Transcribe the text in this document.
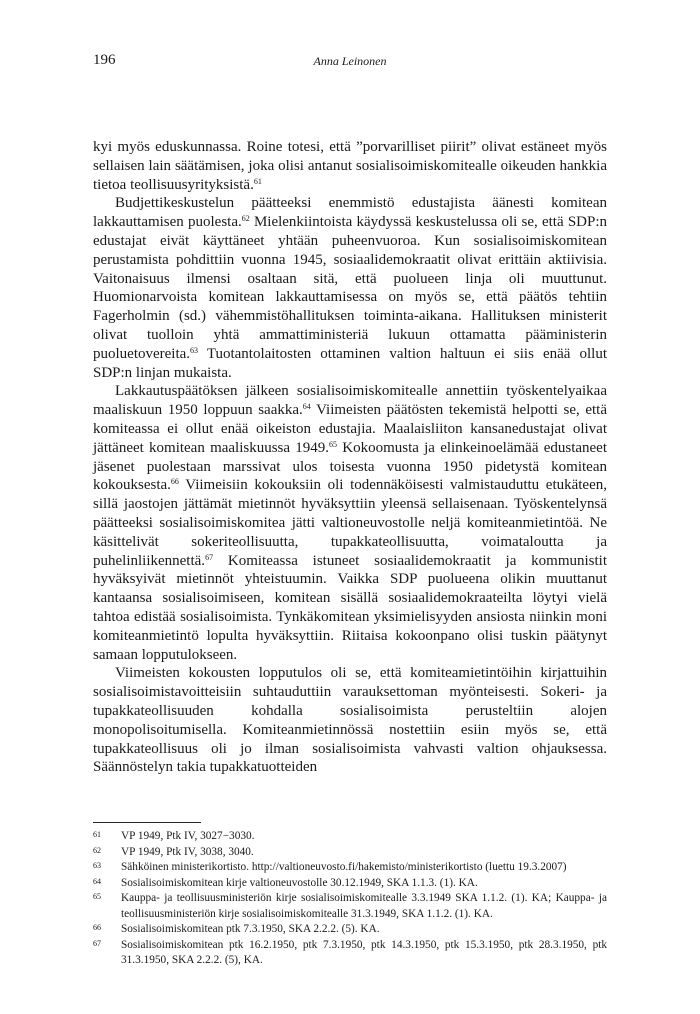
196	Anna Leinonen

kyi myös eduskunnassa. Roine totesi, että ”porvarilliset piirit” olivat estäneet myös sellaisen lain säätämisen, joka olisi antanut sosialisoimiskomitealle oikeuden hankkia tietoa teollisuusyrityksistä.$^{61}$

Budjettikeskustelun päätteeksi enemmistö edustajista äänesti komitean lakkauttamisen puolesta.$^{62}$ Mielenkiintoista käydyssä keskustelussa oli se, että SDP:n edustajat eivät käyttäneet yhtään puheenvuoroa. Kun sosialisoimiskomitean perustamista pohdittiin vuonna 1945, sosiaalidemokraatit olivat erittäin aktiivisia. Vaitonaisuus ilmensi osaltaan sitä, että puolueen linja oli muuttunut. Huomionarvoista komitean lakkauttamisessa on myös se, että päätös tehtiin Fagerholmin (sd.) vähemmistöhallituksen toiminta-aikana. Hallituksen ministerit olivat tuolloin yhtä ammattiministeriä lukuun ottamatta pääministerin puoluetovereita.$^{63}$ Tuotantolaitosten ottaminen valtion haltuun ei siis enää ollut SDP:n linjan mukaista.

Lakkautuspäätöksen jälkeen sosialisoimiskomitealle annettiin työskentelyaikaa maaliskuun 1950 loppuun saakka.$^{64}$ Viimeisten päätösten tekemistä helpotti se, että komiteassa ei ollut enää oikeiston edustajia. Maalaisliiton kansanedustajat olivat jättäneet komitean maaliskuussa 1949.65 Kokoomusta ja elinkeinoelämää edustaneet jäsenet puolestaan marssivat ulos toisesta vuonna 1950 pidetystä komitean kokouksesta.$^{66}$ Viimeisiin kokouksiin oli todennäköisesti valmistauduttu etukäteen, sillä jaostojen jättämät mietinnöt hyväksyttiin yleensä sellaisenaan. Työskentelynsä päätteeksi sosialisoimiskomitea jätti valtioneuvostolle neljä komiteanmietintöä. Ne käsittelivät sokeriteollisuutta, tupakkateollisuutta, voimataloutta ja puhelinliikennettä.$^{67}$ Komiteassa istuneet sosiaalidemokraatit ja kommunistit hyväksyivät mietinnöt yhteistuumin. Vaikka SDP puolueena olikin muuttanut kantaansa sosialisoimiseen, komitean sisällä sosiaalidemokraateilta löytyi vielä tahtoa edistää sosialisoimista. Tynkäkomitean yksimielisyyden ansiosta niinkin moni komiteanmietintö lopulta hyväksyttiin. Riitaisa kokoonpano olisi tuskin päätynyt samaan lopputulokseen.

Viimeisten kokousten lopputulos oli se, että komiteamietintöihin kirjattuihin sosialisoimistavoitteisiin suhtauduttiin varauksettoman myönteisesti. Sokeri- ja tupakkateollisuuden kohdalla sosialisoimista perusteltiin alojen monopolisoitumisella. Komiteanmietinnössä nostettiin esiin myös se, että tupakkateollisuus oli jo ilman sosialisoimista vahvasti valtion ohjauksessa. Säännöstelyn takia tupakkatuotteiden

61 VP 1949, Ptk IV, 3027−3030.
62 VP 1949, Ptk IV, 3038, 3040.
63 Sähköinen ministerikortisto. http://valtioneuvosto.fi/hakemisto/ministerikortisto (luettu 19.3.2007)
64 Sosialisoimiskomitean kirje valtioneuvostolle 30.12.1949, SKA 1.1.3. (1). KA.
65 Kauppa- ja teollisuusministeriön kirje sosialisoimiskomitealle 3.3.1949 SKA 1.1.2. (1). KA; Kauppa- ja teollisuusministeriön kirje sosialisoimiskomitealle 31.3.1949, SKA 1.1.2. (1). KA.
66 Sosialisoimiskomitean ptk 7.3.1950, SKA 2.2.2. (5). KA.
67 Sosialisoimiskomitean ptk 16.2.1950, ptk 7.3.1950, ptk 14.3.1950, ptk 15.3.1950, ptk 28.3.1950, ptk 31.3.1950, SKA 2.2.2. (5), KA.
